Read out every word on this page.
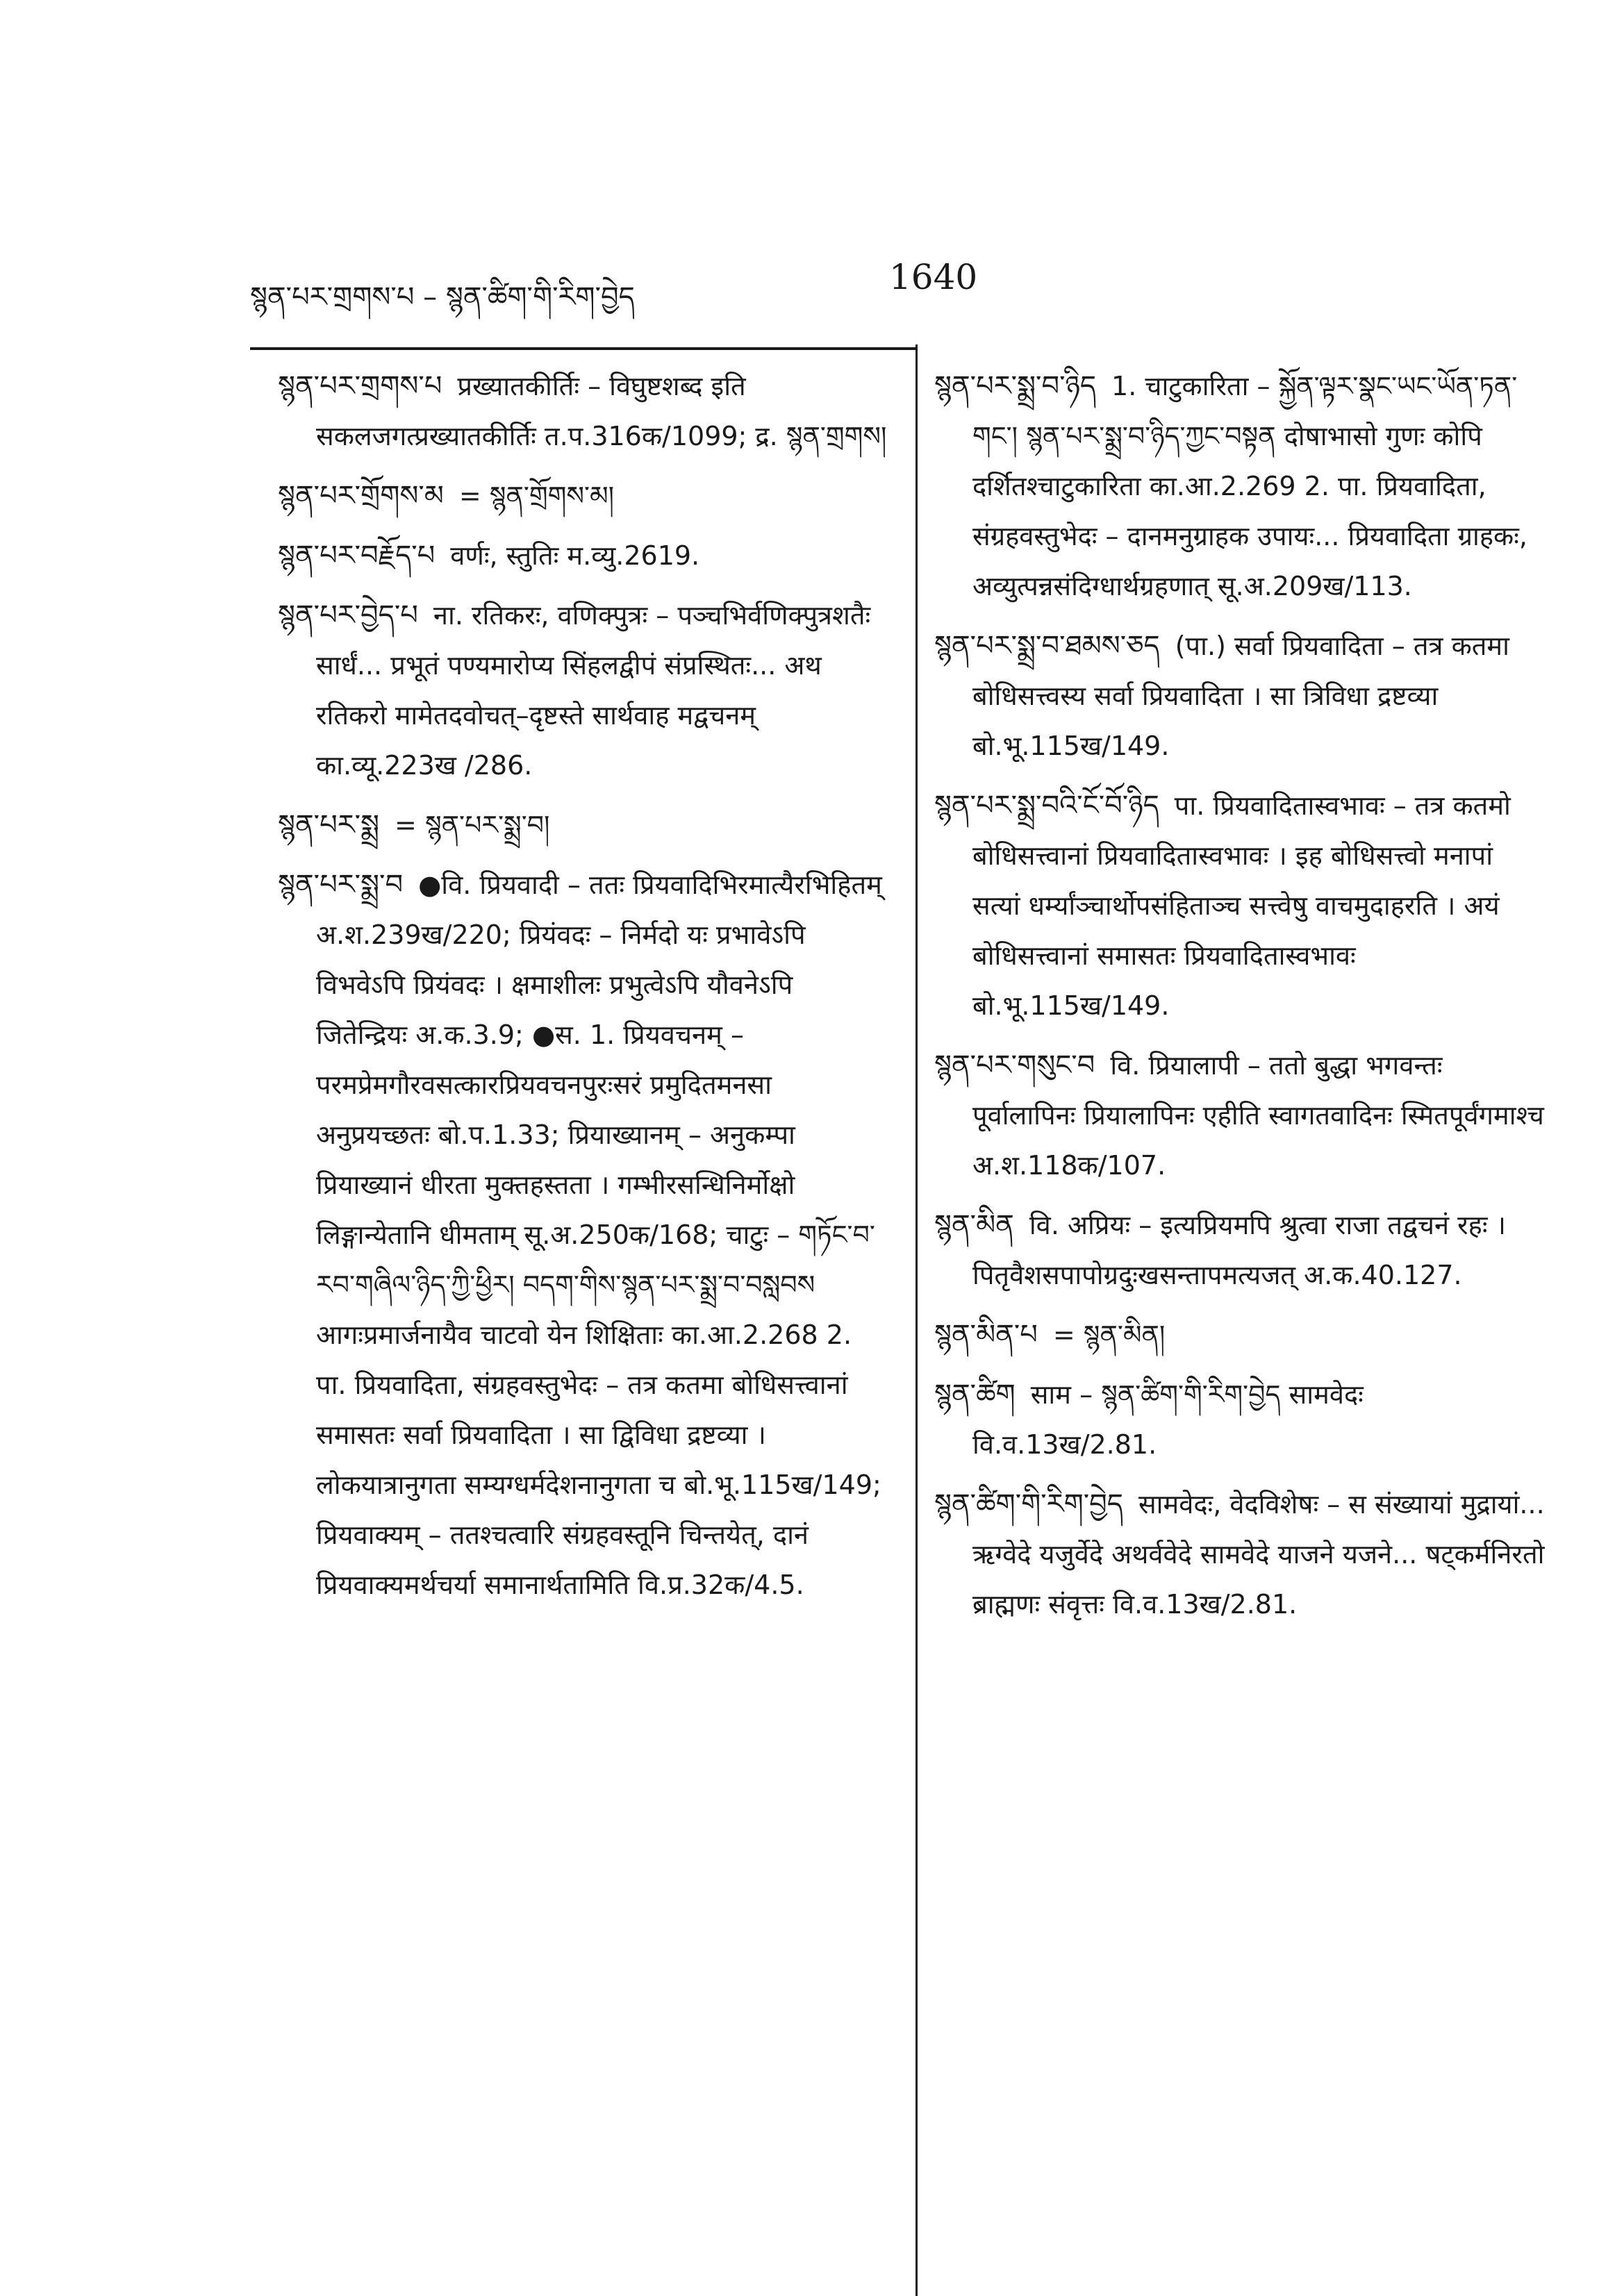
སྙན་པར་གྲགས་པ – སྙན་ཚིག་གི་རིག་བྱེད	1640

སྙན་པར་གྲགས་པ प्रख्यातकीर्तिः – विघुष्टशब्द इति सकलजगत्प्रख्यातकीर्तिः त.प.316क/1099; द्र. སྙན་གྲགས།

སྙན་པར་གྲོགས་མ = སྙན་གྲོགས་མ།

སྙན་པར་བརྗོད་པ वर्णः, स्तुतिः म.व्यु.2619.

སྙན་པར་བྱེད་པ ना. रतिकरः, वणिक्पुत्रः – पञ्चभिर्वणिक्पुत्रशतैः सार्धं... प्रभूतं पण्यमारोप्य सिंहलद्वीपं संप्रस्थितः... अथ रतिकरो मामेतदवोचत्–दृष्टस्ते सार्थवाह मद्वचनम् का.व्यू.223ख /286.

སྙན་པར་སྨྲ = སྙན་པར་སྨྲ་བ།

སྙན་པར་སྨྲ་བ ●वि. प्रियवादी – ततः प्रियवादिभिरमात्यैरभिहितम् अ.श.239ख/220; प्रियंवदः – निर्मदो यः प्रभावेऽपि विभवेऽपि प्रियंवदः । क्षमाशीलः प्रभुत्वेऽपि यौवनेऽपि जितेन्द्रियः अ.क.3.9; ●स. 1. प्रियवचनम् – परमप्रेमगौरवसत्कारप्रियवचनपुरःसरं प्रमुदितमनसा अनुप्रयच्छतः बो.प.1.33; प्रियाख्यानम् – अनुकम्पा प्रियाख्यानं धीरता मुक्तहस्तता । गम्भीरसन्धिनिर्मोक्षो लिङ्गान्येतानि धीमताम् सू.अ.250क/168; चाटुः – གཏོང་བ་རབ་གཞིལ་ཉིད་ཀྱི་ཕྱིར། བདག་གིས་སྙན་པར་སྨྲ་བ་བསླབས आगःप्रमार्जनायैव चाटवो येन शिक्षिताः का.आ.2.268 2. पा. प्रियवादिता, संग्रहवस्तुभेदः – तत्र कतमा बोधिसत्त्वानां समासतः सर्वा प्रियवादिता । सा द्विविधा द्रष्टव्या । लोकयात्रानुगता सम्यग्धर्मदेशनानुगता च बो.भू.115ख/149; प्रियवाक्यम् – ततश्चत्वारि संग्रहवस्तूनि चिन्तयेत्, दानं प्रियवाक्यमर्थचर्या समानार्थतामिति वि.प्र.32क/4.5.

སྙན་པར་སྨྲ་བ་ཉིད 1. चाटुकारिता – སྐྱོན་ལྟར་སྣང་ཡང་ཡོན་ཏན་གང་། སྙན་པར་སྨྲ་བ་ཉིད་ཀྱང་བསྟན दोषाभासो गुणः कोपि दर्शितश्चाटुकारिता का.आ.2.269 2. पा. प्रियवादिता, संग्रहवस्तुभेदः – दानमनुग्राहक उपायः... प्रियवादिता ग्राहकः, अव्युत्पन्नसंदिग्धार्थग्रहणात् सू.अ.209ख/113.

སྙན་པར་སྨྲ་བ་ཐམས་ཅད (पा.) सर्वा प्रियवादिता – तत्र कतमा बोधिसत्त्वस्य सर्वा प्रियवादिता । सा त्रिविधा द्रष्टव्या बो.भू.115ख/149.

སྙན་པར་སྨྲ་བའི་ངོ་བོ་ཉིད पा. प्रियवादितास्वभावः – तत्र कतमो बोधिसत्त्वानां प्रियवादितास्वभावः । इह बोधिसत्त्वो मनापां सत्यां धर्म्यांञ्चार्थोपसंहिताञ्च सत्त्वेषु वाचमुदाहरति । अयं बोधिसत्त्वानां समासतः प्रियवादितास्वभावः बो.भू.115ख/149.

སྙན་པར་གསུང་བ वि. प्रियालापी – ततो बुद्धा भगवन्तः पूर्वालापिनः प्रियालापिनः एहीति स्वागतवादिनः स्मितपूर्वंगमाश्च अ.श.118क/107.

སྙན་མིན वि. अप्रियः – इत्यप्रियमपि श्रुत्वा राजा तद्वचनं रहः । पितृवैशसपापोग्रदुःखसन्तापमत्यजत् अ.क.40.127.

སྙན་མིན་པ = སྙན་མིན།

སྙན་ཚིག साम – སྙན་ཚིག་གི་རིག་བྱེད सामवेदः वि.व.13ख/2.81.

སྙན་ཚིག་གི་རིག་བྱེད सामवेदः, वेदविशेषः – स संख्यायां मुद्रायां... ऋग्वेदे यजुर्वेदे अथर्ववेदे सामवेदे याजने यजने... षट्कर्मनिरतो ब्राह्मणः संवृत्तः वि.व.13ख/2.81.
